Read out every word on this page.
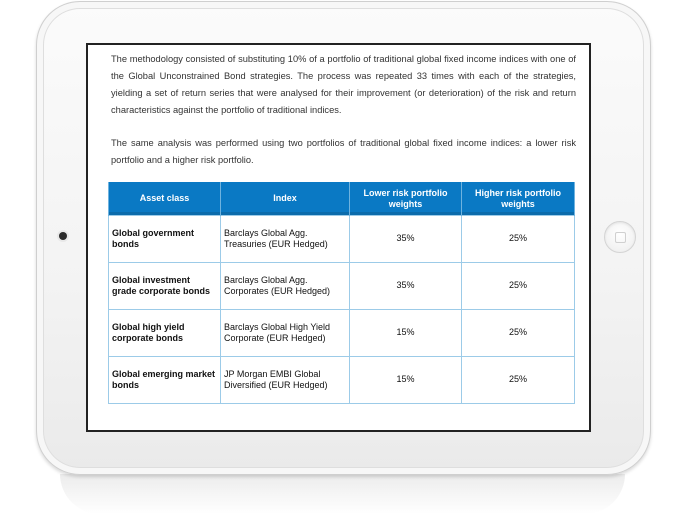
The methodology consisted of substituting 10% of a portfolio of traditional global fixed income indices with one of the Global Unconstrained Bond strategies. The process was repeated 33 times with each of the strategies, yielding a set of return series that were analysed for their improvement (or deterioration) of the risk and return characteristics against the portfolio of traditional indices.

The same analysis was performed using two portfolios of traditional global fixed income indices: a lower risk portfolio and a higher risk portfolio.

Asset class	Index	Lower risk portfolio weights	Higher risk portfolio weights
Global government bonds	Barclays Global Agg. Treasuries (EUR Hedged)	35%	25%
Global investment grade corporate bonds	Barclays Global Agg. Corporates (EUR Hedged)	35%	25%
Global high yield corporate bonds	Barclays Global High Yield Corporate (EUR Hedged)	15%	25%
Global emerging market bonds	JP Morgan EMBI Global Diversified (EUR Hedged)	15%	25%
